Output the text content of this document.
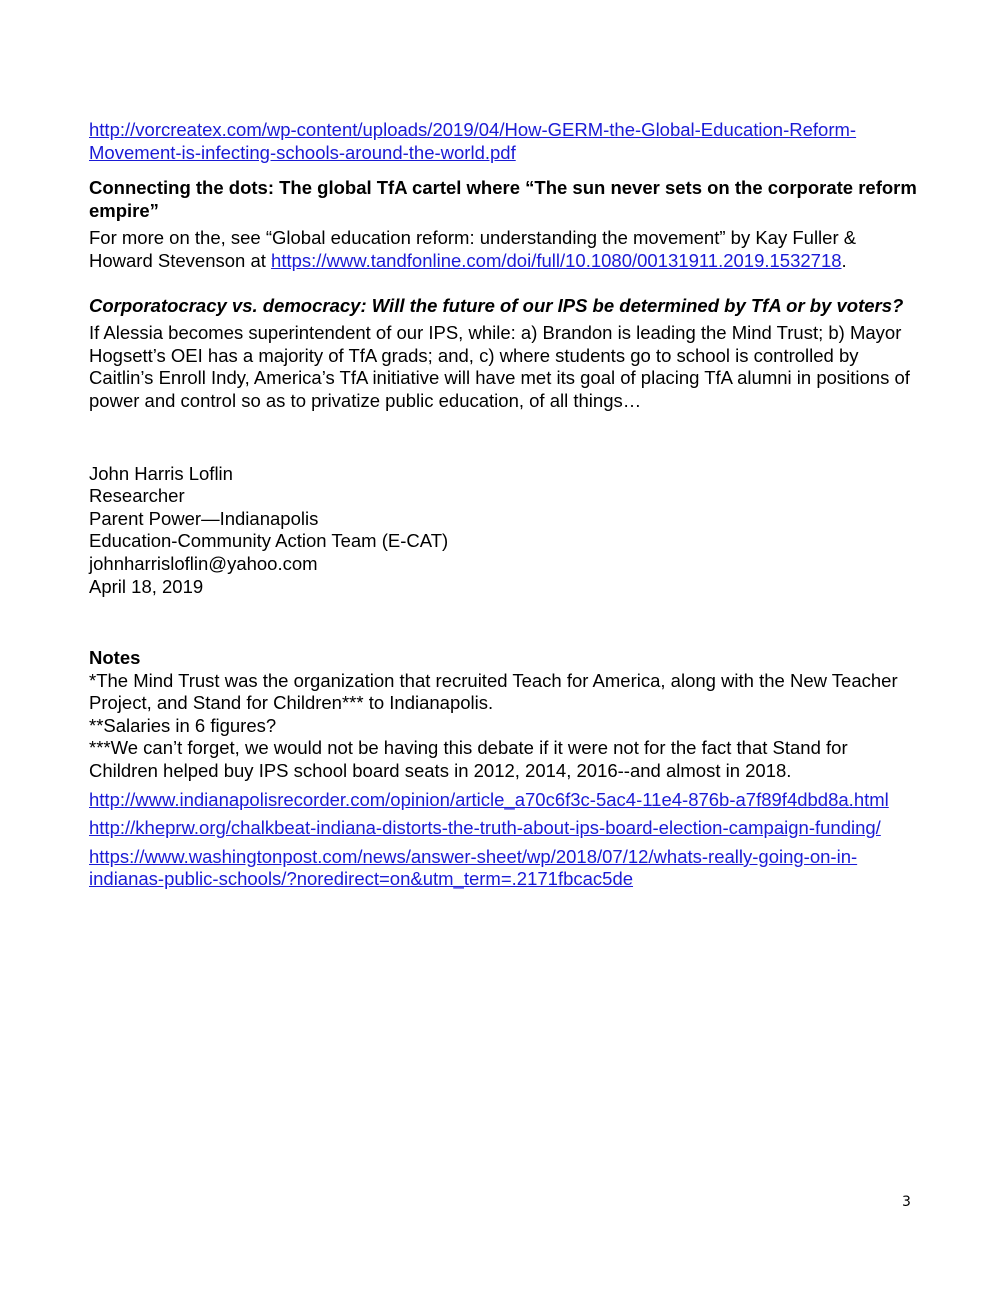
http://vorcreatex.com/wp-content/uploads/2019/04/How-GERM-the-Global-Education-Reform-Movement-is-infecting-schools-around-the-world.pdf
Connecting the dots: The global TfA cartel where “The sun never sets on the corporate reform empire”
For more on the, see “Global education reform: understanding the movement” by Kay Fuller & Howard Stevenson at https://www.tandfonline.com/doi/full/10.1080/00131911.2019.1532718.
Corporatocracy vs. democracy: Will the future of our IPS be determined by TfA or by voters?
If Alessia becomes superintendent of our IPS, while: a) Brandon is leading the Mind Trust; b) Mayor Hogsett’s OEI has a majority of TfA grads; and, c) where students go to school is controlled by Caitlin’s Enroll Indy, America’s TfA initiative will have met its goal of placing TfA alumni in positions of power and control so as to privatize public education, of all things…
John Harris Loflin
Researcher
Parent Power—Indianapolis
Education-Community Action Team (E-CAT)
johnharrisloflin@yahoo.com
April 18, 2019
Notes
*The Mind Trust was the organization that recruited Teach for America, along with the New Teacher Project, and Stand for Children*** to Indianapolis.
**Salaries in 6 figures?
***We can’t forget, we would not be having this debate if it were not for the fact that Stand for Children helped buy IPS school board seats in 2012, 2014, 2016--and almost in 2018.
http://www.indianapolisrecorder.com/opinion/article_a70c6f3c-5ac4-11e4-876b-a7f89f4dbd8a.html
http://kheprw.org/chalkbeat-indiana-distorts-the-truth-about-ips-board-election-campaign-funding/
https://www.washingtonpost.com/news/answer-sheet/wp/2018/07/12/whats-really-going-on-in-indianas-public-schools/?noredirect=on&utm_term=.2171fbcac5de
3
